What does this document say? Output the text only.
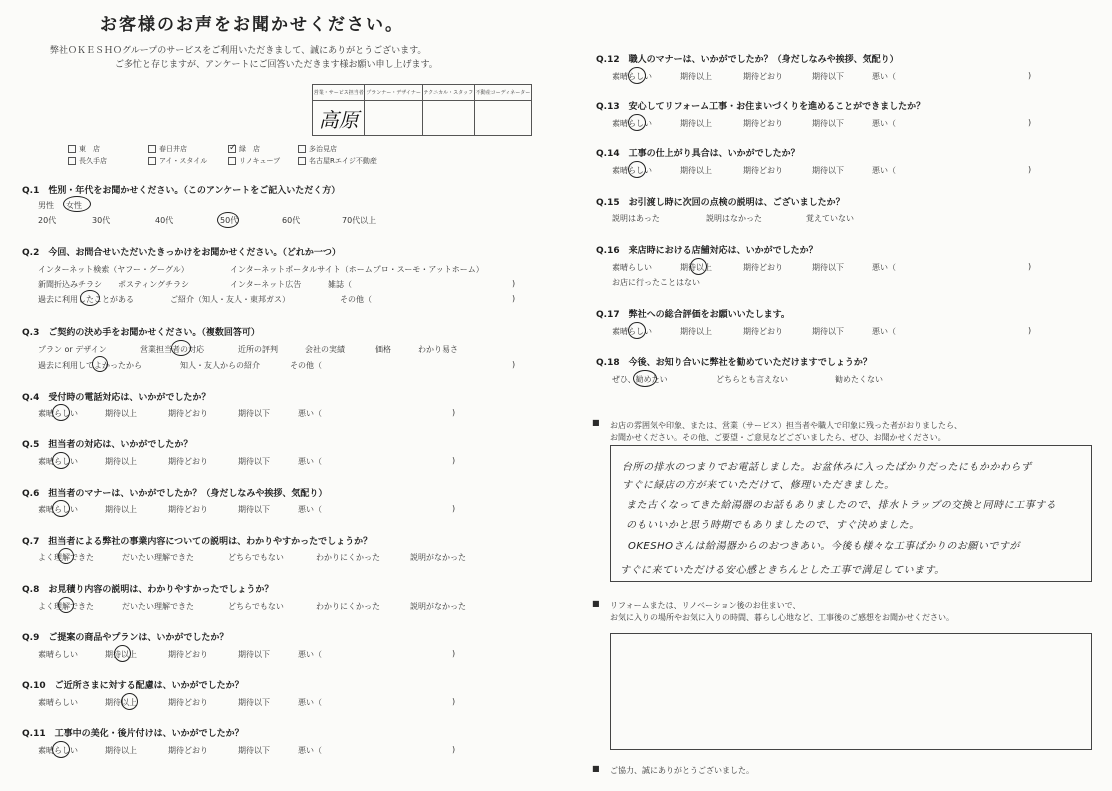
お客様のお声をお聞かせください。
弊社ＯＫＥＳＨＯグループのサービスをご利用いただきまして、誠にありがとうございます。
ご多忙と存じますが、アンケートにご回答いただきます様お願い申し上げます。
営業・サービス担当者	プランナー・デザイナー	テクニカル・スタッフ	不動産コーディネーター
高原			
東　店	春日井店	✓ 緑　店	多治見店
長久手店	アイ・スタイル	リノキューブ	名古屋Rエイジ不動産
Q.1　性別・年代をお聞かせください。（このアンケートをご記入いただく方）
男性 女性
20代	30代	40代	50代	60代	70代以上
Q.2　今回、お問合せいただいたきっかけをお聞かせください。（どれか一つ）
インターネット検索（ヤフー・グーグル）	インターネットポータルサイト（ホームプロ・スーモ・アットホーム）
新聞折込みチラシ ポスティングチラシ	インターネット広告	雑誌（	)
過去に利用したことがある	ご紹介（知人・友人・東邦ガス）	その他（	)
Q.3　ご契約の決め手をお聞かせください。（複数回答可）
プラン or デザイン	営業担当者の対応	近所の評判	会社の実績	価格	わかり易さ
過去に利用してよかったから	知人・友人からの紹介	その他（	)
Q.4　受付時の電話対応は、いかがでしたか？
素晴らしい	期待以上	期待どおり	期待以下	悪い（	)
Q.5　担当者の対応は、いかがでしたか？
素晴らしい	期待以上	期待どおり	期待以下	悪い（	)
Q.6　担当者のマナーは、いかがでしたか？（身だしなみや挨拶、気配り）
素晴らしい	期待以上	期待どおり	期待以下	悪い（	)
Q.7　担当者による弊社の事業内容についての説明は、わかりやすかったでしょうか？
よく理解できた	だいたい理解できた	どちらでもない	わかりにくかった	説明がなかった
Q.8　お見積り内容の説明は、わかりやすかったでしょうか？
よく理解できた	だいたい理解できた	どちらでもない	わかりにくかった	説明がなかった
Q.9　ご提案の商品やプランは、いかがでしたか？
素晴らしい	期待以上	期待どおり	期待以下	悪い（	)
Q.10　ご近所さまに対する配慮は、いかがでしたか？
素晴らしい	期待以上	期待どおり	期待以下	悪い（	)
Q.11　工事中の美化・後片付けは、いかがでしたか？
素晴らしい	期待以上	期待どおり	期待以下	悪い（	)
Q.12　職人のマナーは、いかがでしたか？（身だしなみや挨拶、気配り）
素晴らしい	期待以上	期待どおり	期待以下	悪い（	)
Q.13　安心してリフォーム工事・お住まいづくりを進めることができましたか？
素晴らしい	期待以上	期待どおり	期待以下	悪い（	)
Q.14　工事の仕上がり具合は、いかがでしたか？
素晴らしい	期待以上	期待どおり	期待以下	悪い（	)
Q.15　お引渡し時に次回の点検の説明は、ございましたか？
説明はあった	説明はなかった	覚えていない
Q.16　来店時における店舗対応は、いかがでしたか？
素晴らしい	期待以上	期待どおり	期待以下	悪い（	)
お店に行ったことはない
Q.17　弊社への総合評価をお願いいたします。
素晴らしい	期待以上	期待どおり	期待以下	悪い（	)
Q.18　今後、お知り合いに弊社を勧めていただけますでしょうか？
ぜひ、勧めたい	どちらとも言えない	勧めたくない
■ お店の雰囲気や印象、または、営業（サービス）担当者や職人で印象に残った者がおりましたら、
お聞かせください。その他、ご要望・ご意見などございましたら、ぜひ、お聞かせください。
台所の排水のつまりでお電話しました。お盆休みに入ったばかりだったにもかかわらず
すぐに緑店の方が来ていただけて、修理いただきました。
また古くなってきた給湯器のお話もありましたので、排水トラップの交換と同時に工事する
のもいいかと思う時期でもありましたので、すぐ決めました。
OKESHOさんは給湯器からのおつきあい。今後も様々な工事ばかりのお願いですが
すぐに来ていただける安心感ときちんとした工事で満足しています。
■ リフォームまたは、リノベーション後のお住まいで、
お気に入りの場所やお気に入りの時間、暮らし心地など、工事後のご感想をお聞かせください。
■ ご協力、誠にありがとうございました。
